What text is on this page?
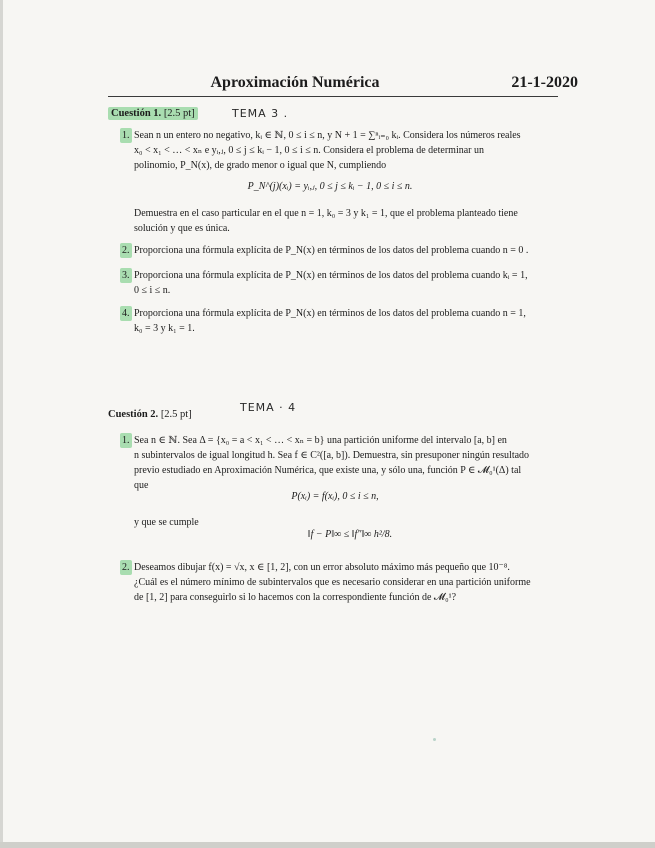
Aproximación Numérica	21-1-2020
Cuestión 1. [2.5 pt]	TEMA 3 .
1. Sean n un entero no negativo, kᵢ ∈ ℕ, 0 ≤ i ≤ n, y N + 1 = ∑ⁿᵢ₌₀ kᵢ. Considera los números reales
x₀ < x₁ < … < xₙ e yᵢ,ⱼ, 0 ≤ j ≤ kᵢ − 1, 0 ≤ i ≤ n. Considera el problema de determinar un
polinomio, P_N(x), de grado menor o igual que N, cumpliendo
P_N^(j)(xᵢ) = yᵢ,ⱼ, 0 ≤ j ≤ kᵢ − 1, 0 ≤ i ≤ n.
Demuestra en el caso particular en el que n = 1, k₀ = 3 y k₁ = 1, que el problema planteado tiene
solución y que es única.
2. Proporciona una fórmula explícita de P_N(x) en términos de los datos del problema cuando n = 0 .
3. Proporciona una fórmula explícita de P_N(x) en términos de los datos del problema cuando kᵢ = 1,
0 ≤ i ≤ n.
4. Proporciona una fórmula explícita de P_N(x) en términos de los datos del problema cuando n = 1,
k₀ = 3 y k₁ = 1.
Cuestión 2. [2.5 pt]
TEMA · 4
1. Sea n ∈ ℕ. Sea Δ = {x₀ = a < x₁ < … < xₙ = b} una partición uniforme del intervalo [a, b] en
n subintervalos de igual longitud h. Sea f ∈ C²([a, b]). Demuestra, sin presuponer ningún resultado
previo estudiado en Aproximación Numérica, que existe una, y sólo una, función P ∈ 𝓜₀¹(Δ) tal
que
P(xᵢ) = f(xᵢ), 0 ≤ i ≤ n,
y que se cumple
‖f − P‖∞ ≤ ‖f″‖∞ h²/8.
2. Deseamos dibujar f(x) = √x, x ∈ [1, 2], con un error absoluto máximo más pequeño que 10⁻⁸.
¿Cuál es el número mínimo de subintervalos que es necesario considerar en una partición uniforme
de [1, 2] para conseguirlo si lo hacemos con la correspondiente función de 𝓜₀¹?
